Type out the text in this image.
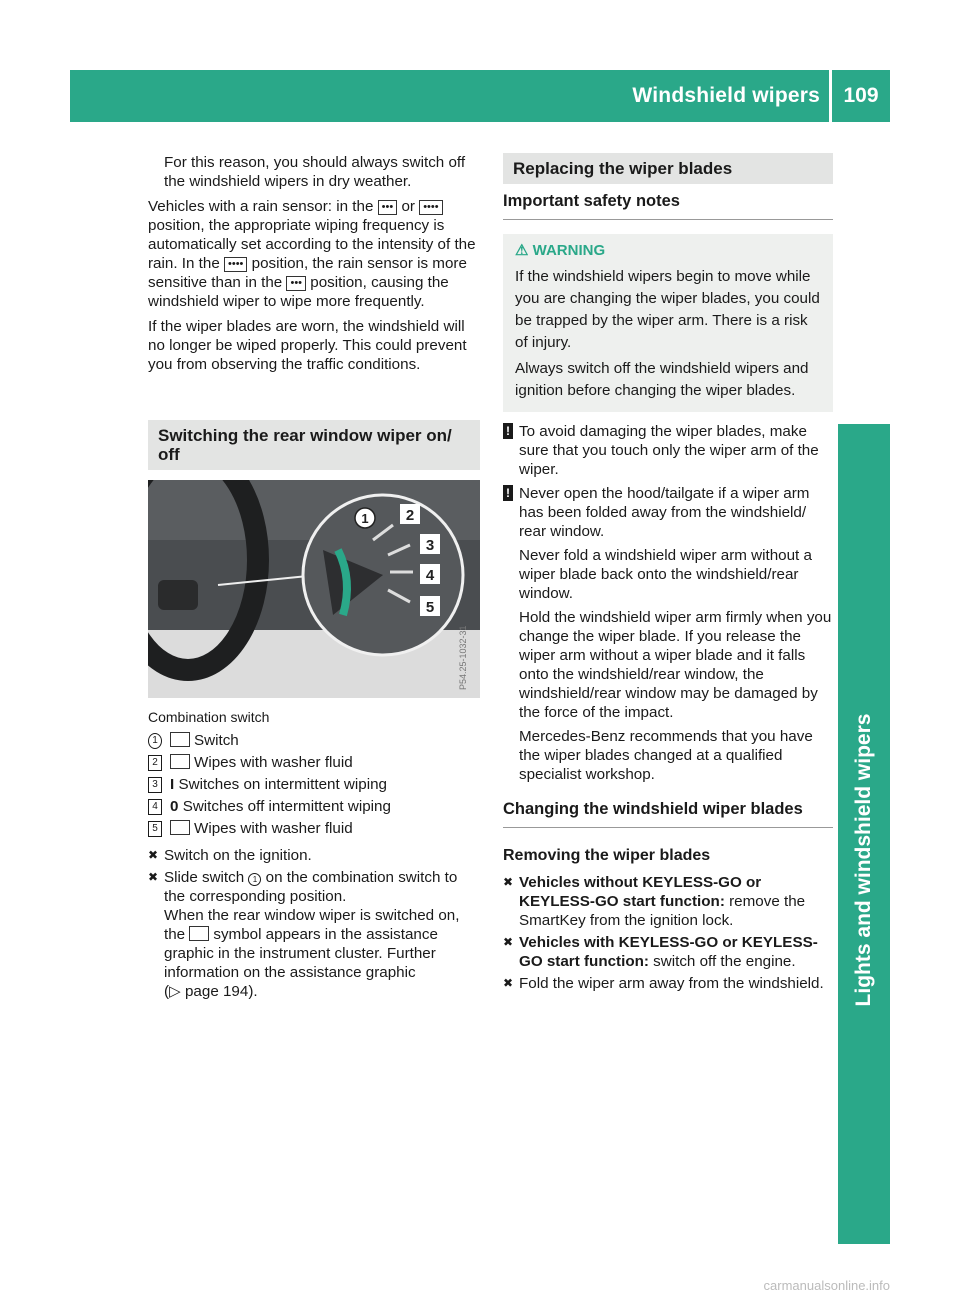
Windshield wipers	109
Lights and windshield wipers

For this reason, you should always switch off the windshield wipers in dry weather.

Vehicles with a rain sensor: in the ••• or •••• position, the appropriate wiping frequency is automatically set according to the intensity of the rain. In the •••• position, the rain sensor is more sensitive than in the ••• position, causing the windshield wiper to wipe more frequently.

If the wiper blades are worn, the windshield will no longer be wiped properly. This could prevent you from observing the traffic conditions.

Switching the rear window wiper on/ off
1 2
3
4
5
P54.25-1032-31
Combination switch
1 Switch
2 Wipes with washer fluid
3 I Switches on intermittent wiping
4 0 Switches off intermittent wiping
5 Wipes with washer fluid
✖ Switch on the ignition.
✖ Slide switch 1 on the combination switch to the corresponding position.
When the rear window wiper is switched on, the symbol appears in the assistance graphic in the instrument cluster. Further information on the assistance graphic
(▷ page 194).
Replacing the wiper blades
Important safety notes
⚠ WARNING

If the windshield wipers begin to move while you are changing the wiper blades, you could be trapped by the wiper arm. There is a risk of injury.

Always switch off the windshield wipers and ignition before changing the wiper blades.

! To avoid damaging the wiper blades, make sure that you touch only the wiper arm of the wiper.

! Never open the hood/tailgate if a wiper arm has been folded away from the windshield/ rear window.

Never fold a windshield wiper arm without a wiper blade back onto the windshield/rear window.

Hold the windshield wiper arm firmly when you change the wiper blade. If you release the wiper arm without a wiper blade and it falls onto the windshield/rear window, the windshield/rear window may be damaged by the force of the impact.

Mercedes-Benz recommends that you have the wiper blades changed at a qualified specialist workshop.

Changing the windshield wiper blades
Removing the wiper blades
✖ Vehicles without KEYLESS-GO or KEYLESS-GO start function: remove the SmartKey from the ignition lock.
✖ Vehicles with KEYLESS-GO or KEYLESS-GO start function: switch off the engine.
✖ Fold the wiper arm away from the windshield.
carmanualsonline.info
